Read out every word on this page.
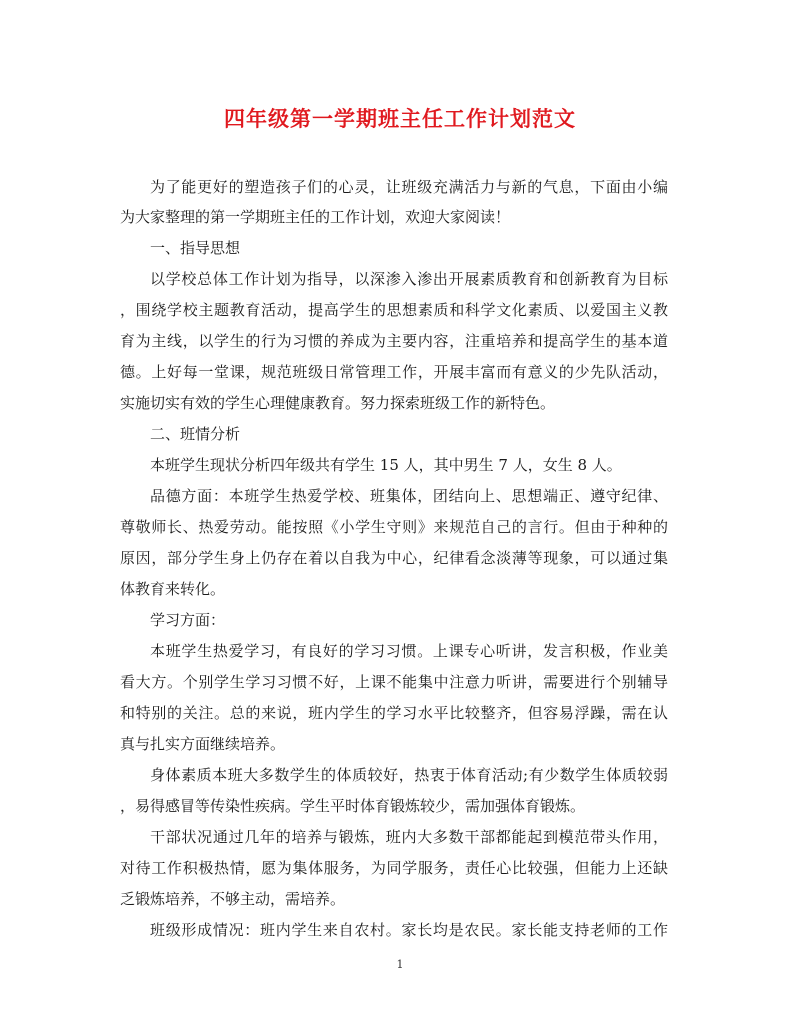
四年级第一学期班主任工作计划范文
为了能更好的塑造孩子们的心灵，让班级充满活力与新的气息，下面由小编
为大家整理的第一学期班主任的工作计划，欢迎大家阅读！
一、指导思想
以学校总体工作计划为指导，以深渗入渗出开展素质教育和创新教育为目标
，围绕学校主题教育活动，提高学生的思想素质和科学文化素质、以爱国主义教
育为主线，以学生的行为习惯的养成为主要内容，注重培养和提高学生的基本道
德。上好每一堂课，规范班级日常管理工作，开展丰富而有意义的少先队活动，
实施切实有效的学生心理健康教育。努力探索班级工作的新特色。
二、班情分析
本班学生现状分析四年级共有学生 15 人，其中男生 7 人，女生 8 人。
品德方面：本班学生热爱学校、班集体，团结向上、思想端正、遵守纪律、
尊敬师长、热爱劳动。能按照《小学生守则》来规范自己的言行。但由于种种的
原因，部分学生身上仍存在着以自我为中心，纪律看念淡薄等现象，可以通过集
体教育来转化。
学习方面：
本班学生热爱学习，有良好的学习习惯。上课专心听讲，发言积极，作业美
看大方。个别学生学习习惯不好，上课不能集中注意力听讲，需要进行个别辅导
和特别的关注。总的来说，班内学生的学习水平比较整齐，但容易浮躁，需在认
真与扎实方面继续培养。
身体素质本班大多数学生的体质较好，热衷于体育活动;有少数学生体质较弱
，易得感冒等传染性疾病。学生平时体育锻炼较少，需加强体育锻炼。
干部状况通过几年的培养与锻炼，班内大多数干部都能起到模范带头作用，
对待工作积极热情，愿为集体服务，为同学服务，责任心比较强，但能力上还缺
乏锻炼培养，不够主动，需培养。
班级形成情况：班内学生来自农村。家长均是农民。家长能支持老师的工作
1
